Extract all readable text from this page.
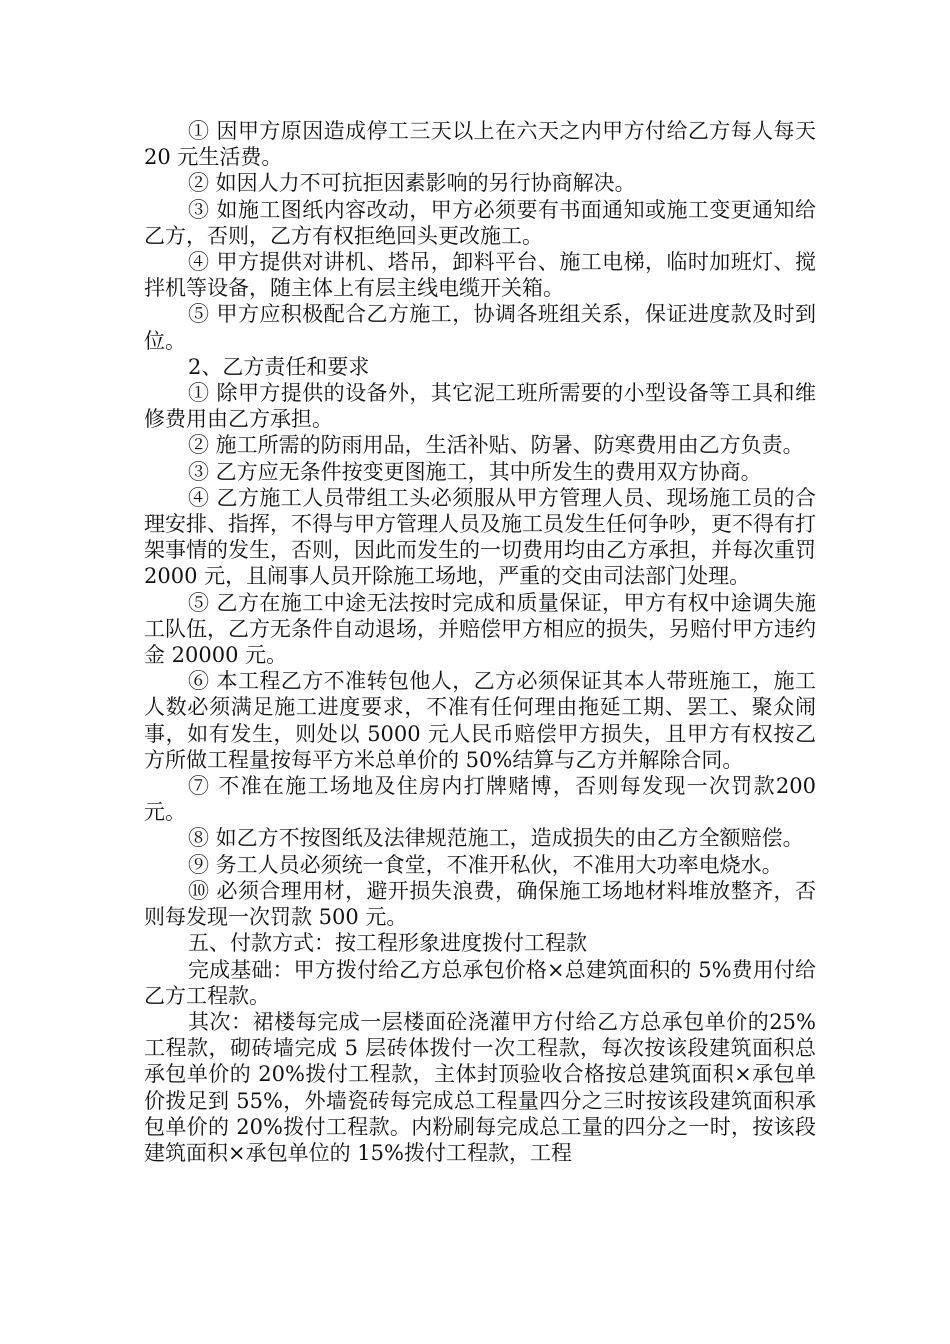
① 因甲方原因造成停工三天以上在六天之内甲方付给乙方每人每天 20 元生活费。

② 如因人力不可抗拒因素影响的另行协商解决。

③ 如施工图纸内容改动，甲方必须要有书面通知或施工变更通知给乙方，否则，乙方有权拒绝回头更改施工。

④ 甲方提供对讲机、塔吊，卸料平台、施工电梯，临时加班灯、搅拌机等设备，随主体上有层主线电缆开关箱。

⑤ 甲方应积极配合乙方施工，协调各班组关系，保证进度款及时到位。

2、乙方责任和要求

① 除甲方提供的设备外，其它泥工班所需要的小型设备等工具和维修费用由乙方承担。

② 施工所需的防雨用品，生活补贴、防暑、防寒费用由乙方负责。

③ 乙方应无条件按变更图施工，其中所发生的费用双方协商。

④ 乙方施工人员带组工头必须服从甲方管理人员、现场施工员的合理安排、指挥，不得与甲方管理人员及施工员发生任何争吵，更不得有打架事情的发生，否则，因此而发生的一切费用均由乙方承担，并每次重罚 2000 元，且闹事人员开除施工场地，严重的交由司法部门处理。

⑤ 乙方在施工中途无法按时完成和质量保证，甲方有权中途调失施工队伍，乙方无条件自动退场，并赔偿甲方相应的损失，另赔付甲方违约金 20000 元。

⑥ 本工程乙方不准转包他人，乙方必须保证其本人带班施工，施工人数必须满足施工进度要求，不准有任何理由拖延工期、罢工、聚众闹事，如有发生，则处以 5000 元人民币赔偿甲方损失，且甲方有权按乙方所做工程量按每平方米总单价的 50%结算与乙方并解除合同。

⑦ 不准在施工场地及住房内打牌赌博，否则每发现一次罚款200 元。

⑧ 如乙方不按图纸及法律规范施工，造成损失的由乙方全额赔偿。

⑨ 务工人员必须统一食堂，不准开私伙，不准用大功率电烧水。

⑩ 必须合理用材，避开损失浪费，确保施工场地材料堆放整齐，否则每发现一次罚款 500 元。

五、付款方式：按工程形象进度拨付工程款

完成基础：甲方拨付给乙方总承包价格×总建筑面积的 5%费用付给乙方工程款。

其次：裙楼每完成一层楼面砼浇灌甲方付给乙方总承包单价的25%工程款，砌砖墙完成 5 层砖体拨付一次工程款，每次按该段建筑面积总承包单价的 20%拨付工程款，主体封顶验收合格按总建筑面积×承包单价拨足到 55%，外墙瓷砖每完成总工程量四分之三时按该段建筑面积承包单价的 20%拨付工程款。内粉刷每完成总工量的四分之一时，按该段建筑面积×承包单位的 15%拨付工程款，工程
